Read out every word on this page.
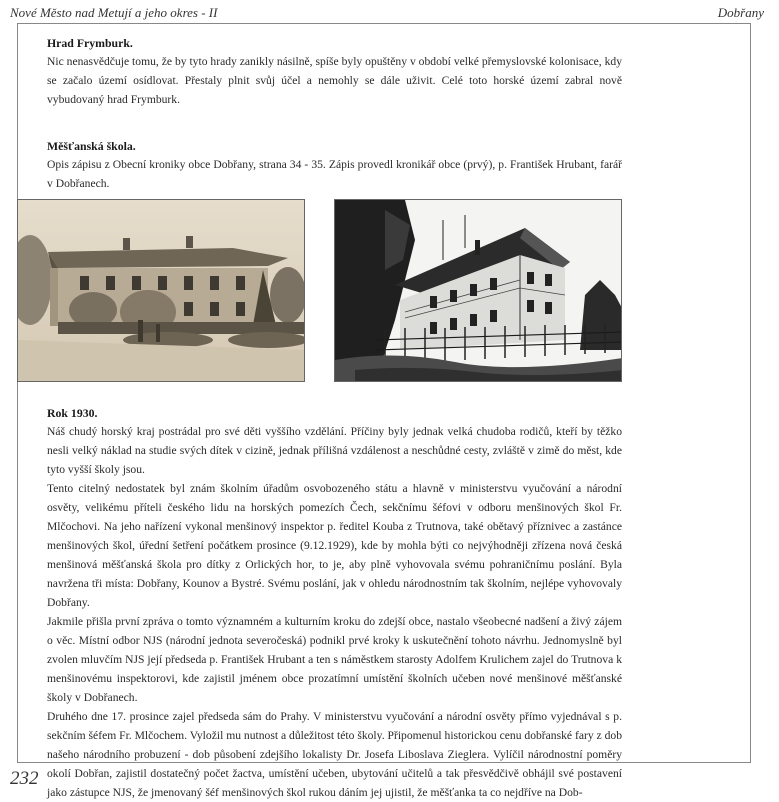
Nové Město nad Metují a jeho okres - II	Dobřany
Hrad Frymburk.

Nic nenasvědčuje tomu, že by tyto hrady zanikly násilně, spíše byly opuštěny v období velké přemyslovské kolonisace, kdy se začalo území osídlovat. Přestaly plnit svůj účel a nemohly se dále uživit. Celé toto horské území zabral nově vybudovaný hrad Frymburk.

Měšťanská škola.

Opis zápisu z Obecní kroniky obce Dobřany, strana 34 - 35. Zápis provedl kronikář obce (prvý), p. František Hrubant, farář v Dobřanech.

Rok 1930.

Náš chudý horský kraj postrádal pro své děti vyššího vzdělání. Příčiny byly jednak velká chudoba rodičů, kteří by těžko nesli velký náklad na studie svých dítek v cizině, jednak přílišná vzdálenost a neschůdné cesty, zvláště v zimě do měst, kde tyto vyšší školy jsou.

Tento citelný nedostatek byl znám školním úřadům osvobozeného státu a hlavně v ministerstvu vyučování a národní osvěty, velikému příteli českého lidu na horských pomezích Čech, sekčnímu šéfovi v odboru menšinových škol Fr. Mlčochovi. Na jeho nařízení vykonal menšinový inspektor p. ředitel Kouba z Trutnova, také obětavý příznivec a zastánce menšinových škol, úřední šetření počátkem prosince (9.12.1929), kde by mohla býti co nejvýhodněji zřízena nová česká menšinová měšťanská škola pro dítky z Orlických hor, to je, aby plně vyhovovala svému pohraničnímu poslání. Byla navržena tři místa: Dobřany, Kounov a Bystré. Svému poslání, jak v ohledu národnostním tak školním, nejlépe vyhovovaly Dobřany.

Jakmile přišla první zpráva o tomto významném a kulturním kroku do zdejší obce, nastalo všeobecné nadšení a živý zájem o věc. Místní odbor NJS (národní jednota severočeská) podnikl prvé kroky k uskutečnění tohoto návrhu. Jednomyslně byl zvolen mluvčím NJS její předseda p. František Hrubant a ten s náměstkem starosty Adolfem Krulichem zajel do Trutnova k menšinovému inspektorovi, kde zajistil jménem obce prozatímní umístění školních učeben nové menšinové měšťanské školy v Dobřanech.

Druhého dne 17. prosince zajel předseda sám do Prahy. V ministerstvu vyučování a národní osvěty přímo vyjednával s p. sekčním šéfem Fr. Mlčochem. Vyložil mu nutnost a důležitost této školy. Připomenul historickou cenu dobřanské fary z dob našeho národního probuzení - dob působení zdejšího lokalisty Dr. Josefa Liboslava Zieglera. Vylíčil národnostní poměry okolí Dobřan, zajistil dostatečný počet žactva, umístění učeben, ubytování učitelů a tak přesvědčivě obhájil své postavení jako zástupce NJS, že jmenovaný šéf menšinových škol rukou dáním jej ujistil, že měšťanka ta co nejdříve na Dob-

232
